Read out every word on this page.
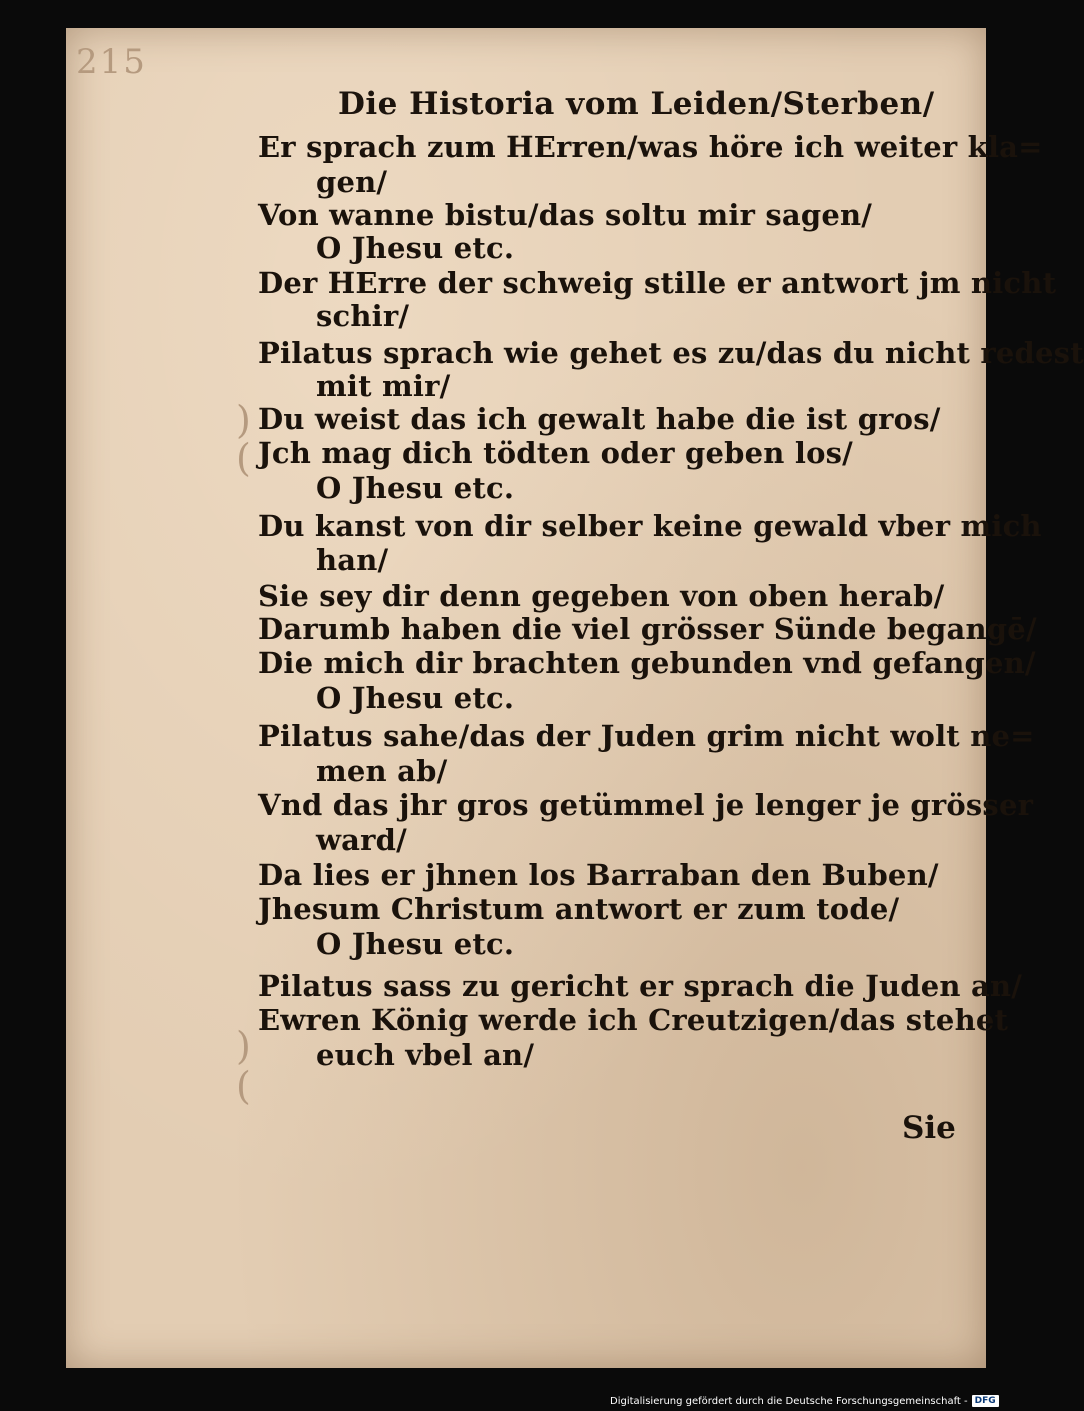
215
Die Historia vom Leiden/Sterben/
)
(
)
(
Er sprach zum HErren/was höre ich weiter kla=
gen/
Von wanne bistu/das soltu mir sagen/
O Jhesu etc.
Der HErre der schweig stille er antwort jm nicht
schir/
Pilatus sprach wie gehet es zu/das du nicht redest
mit mir/
Du weist das ich gewalt habe die ist gros/
Jch mag dich tödten oder geben los/
O Jhesu etc.
Du kanst von dir selber keine gewald vber mich
han/
Sie sey dir denn gegeben von oben herab/
Darumb haben die viel grösser Sünde begangē/
Die mich dir brachten gebunden vnd gefangen/
O Jhesu etc.
Pilatus sahe/das der Juden grim nicht wolt ne=
men ab/
Vnd das jhr gros getümmel je lenger je grösser
ward/
Da lies er jhnen los Barraban den Buben/
Jhesum Christum antwort er zum tode/
O Jhesu etc.
Pilatus sass zu gericht er sprach die Juden an/
Ewren König werde ich Creutzigen/das stehet
euch vbel an/
Sie
Digitalisierung gefördert durch die Deutsche Forschungsgemeinschaft - DFG
